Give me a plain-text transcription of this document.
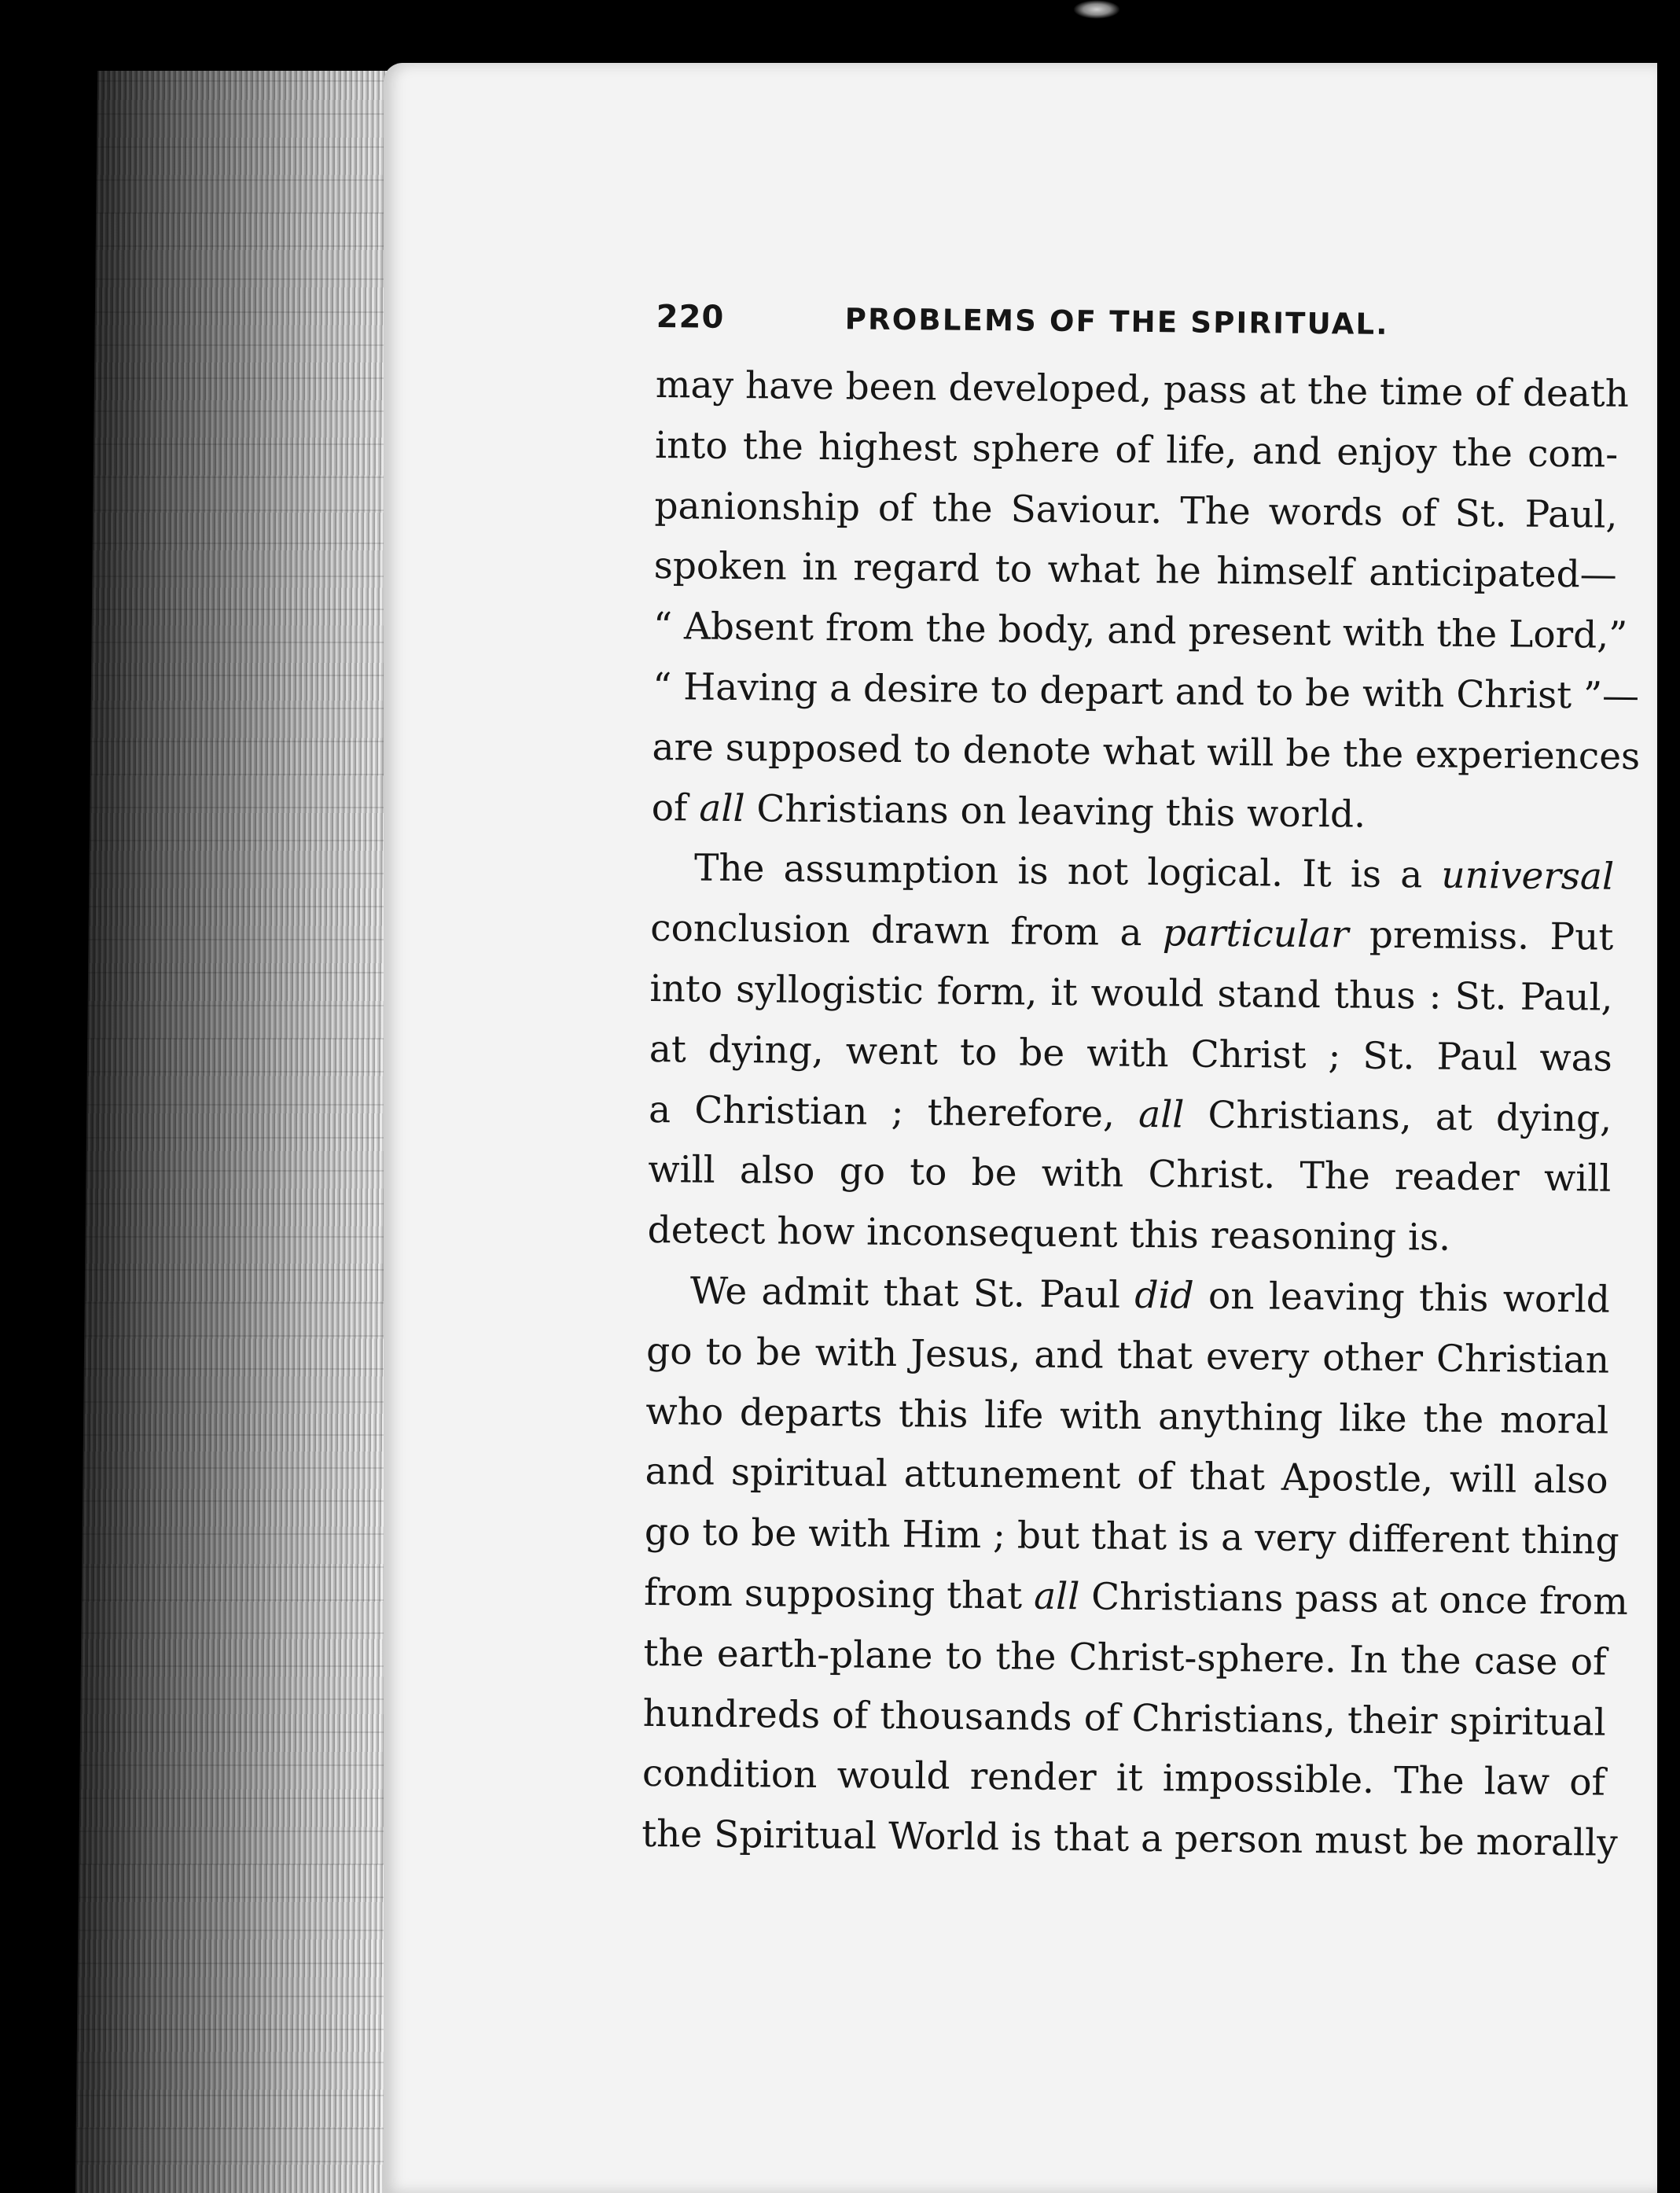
220	PROBLEMS OF THE SPIRITUAL.
may have been developed, pass at the time of death
into the highest sphere of life, and enjoy the com-
panionship of the Saviour. The words of St. Paul,
spoken in regard to what he himself anticipated—
“ Absent from the body, and present with the Lord,”
“ Having a desire to depart and to be with Christ ”—
are supposed to denote what will be the experiences
of all Christians on leaving this world.
The assumption is not logical. It is a universal
conclusion drawn from a particular premiss. Put
into syllogistic form, it would stand thus : St. Paul,
at dying, went to be with Christ ; St. Paul was
a Christian ; therefore, all Christians, at dying,
will also go to be with Christ. The reader will
detect how inconsequent this reasoning is.
We admit that St. Paul did on leaving this world
go to be with Jesus, and that every other Christian
who departs this life with anything like the moral
and spiritual attunement of that Apostle, will also
go to be with Him ; but that is a very different thing
from supposing that all Christians pass at once from
the earth-plane to the Christ-sphere. In the case of
hundreds of thousands of Christians, their spiritual
condition would render it impossible. The law of
the Spiritual World is that a person must be morally
